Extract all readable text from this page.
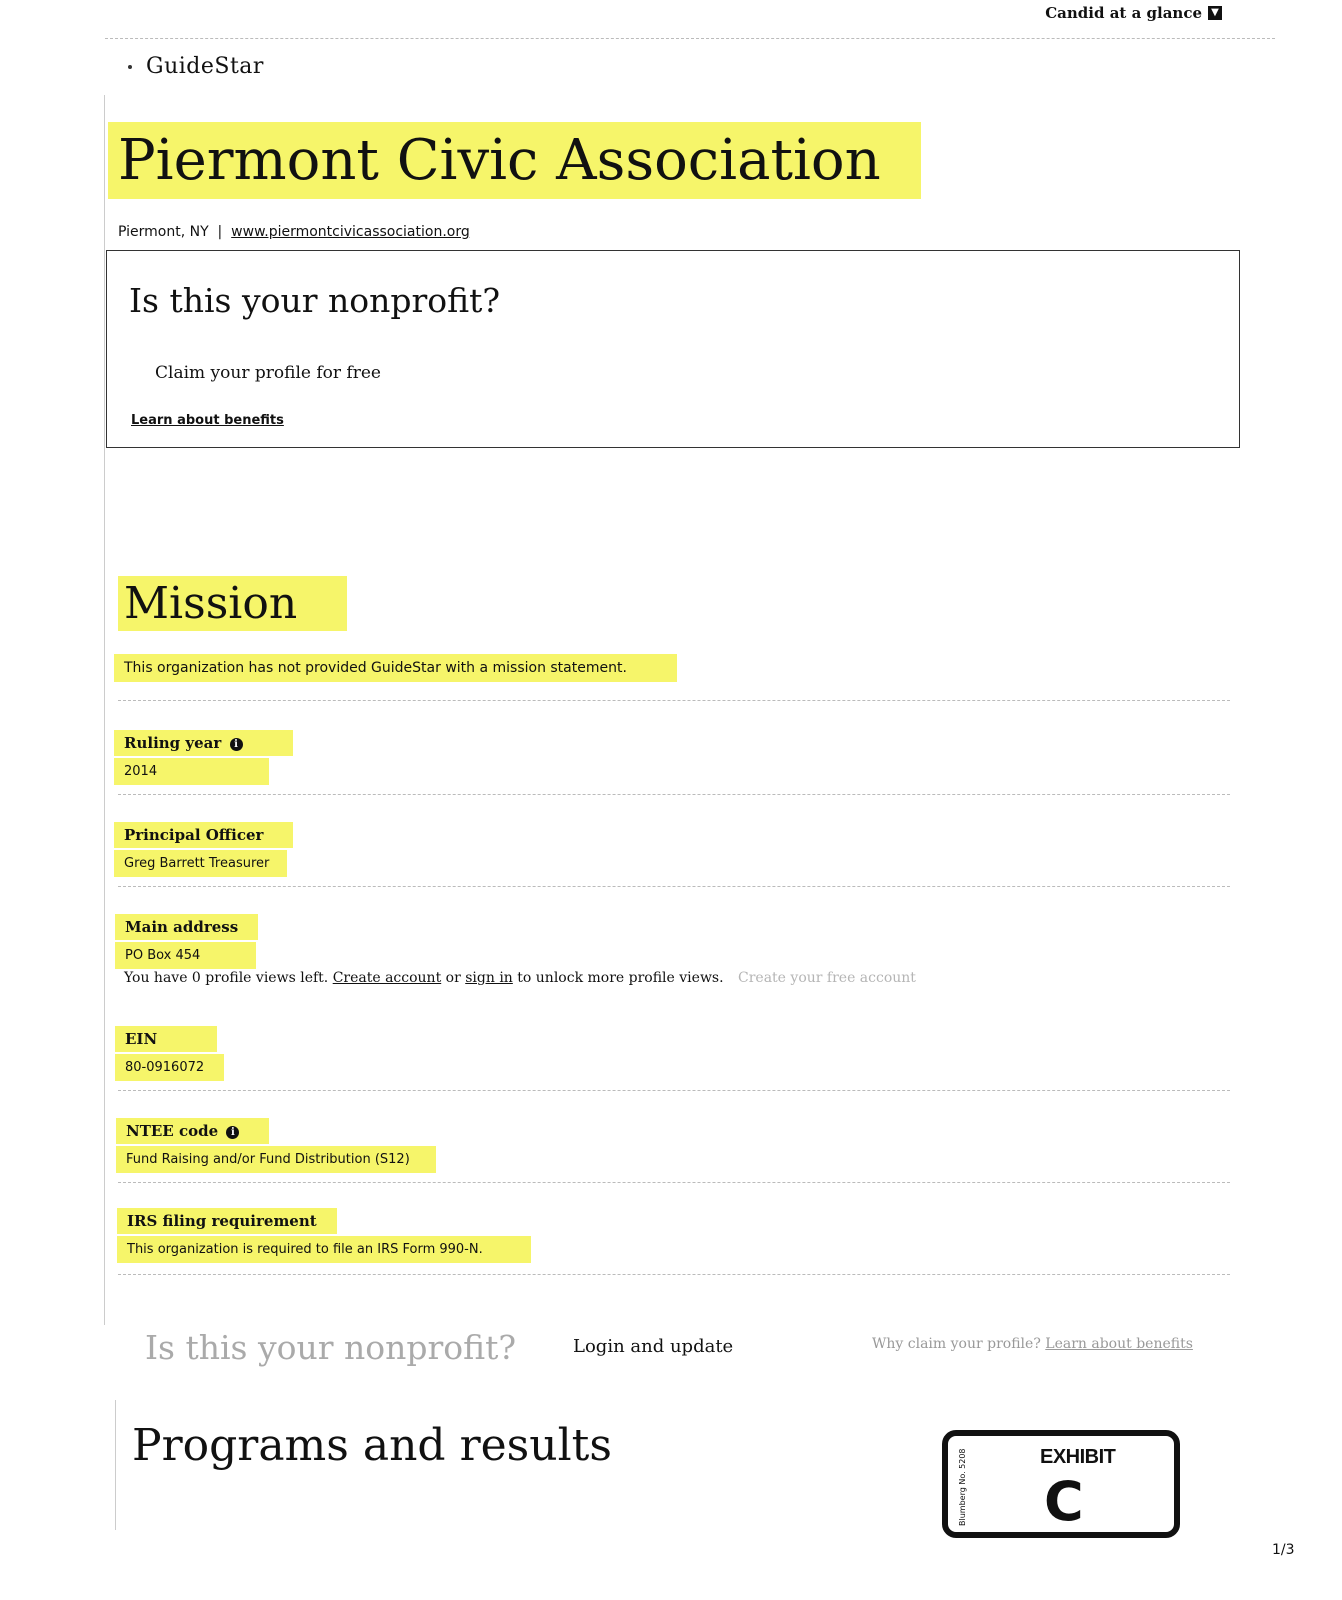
Candid at a glance ▼
GuideStar
Piermont Civic Association
Piermont, NY | www.piermontcivicassociation.org
Is this your nonprofit?
Claim your profile for free
Learn about benefits
Mission
This organization has not provided GuideStar with a mission statement.
Ruling year i
2014
Principal Officer
Greg Barrett Treasurer
Main address
PO Box 454
You have 0 profile views left. Create account or sign in to unlock more profile views. Create your free account
EIN
80-0916072
NTEE code i
Fund Raising and/or Fund Distribution (S12)
IRS filing requirement
This organization is required to file an IRS Form 990-N.
Is this your nonprofit?	Login and update	Why claim your profile? Learn about benefits
Programs and results
Blumberg No. 5208	EXHIBIT
C
1/3
